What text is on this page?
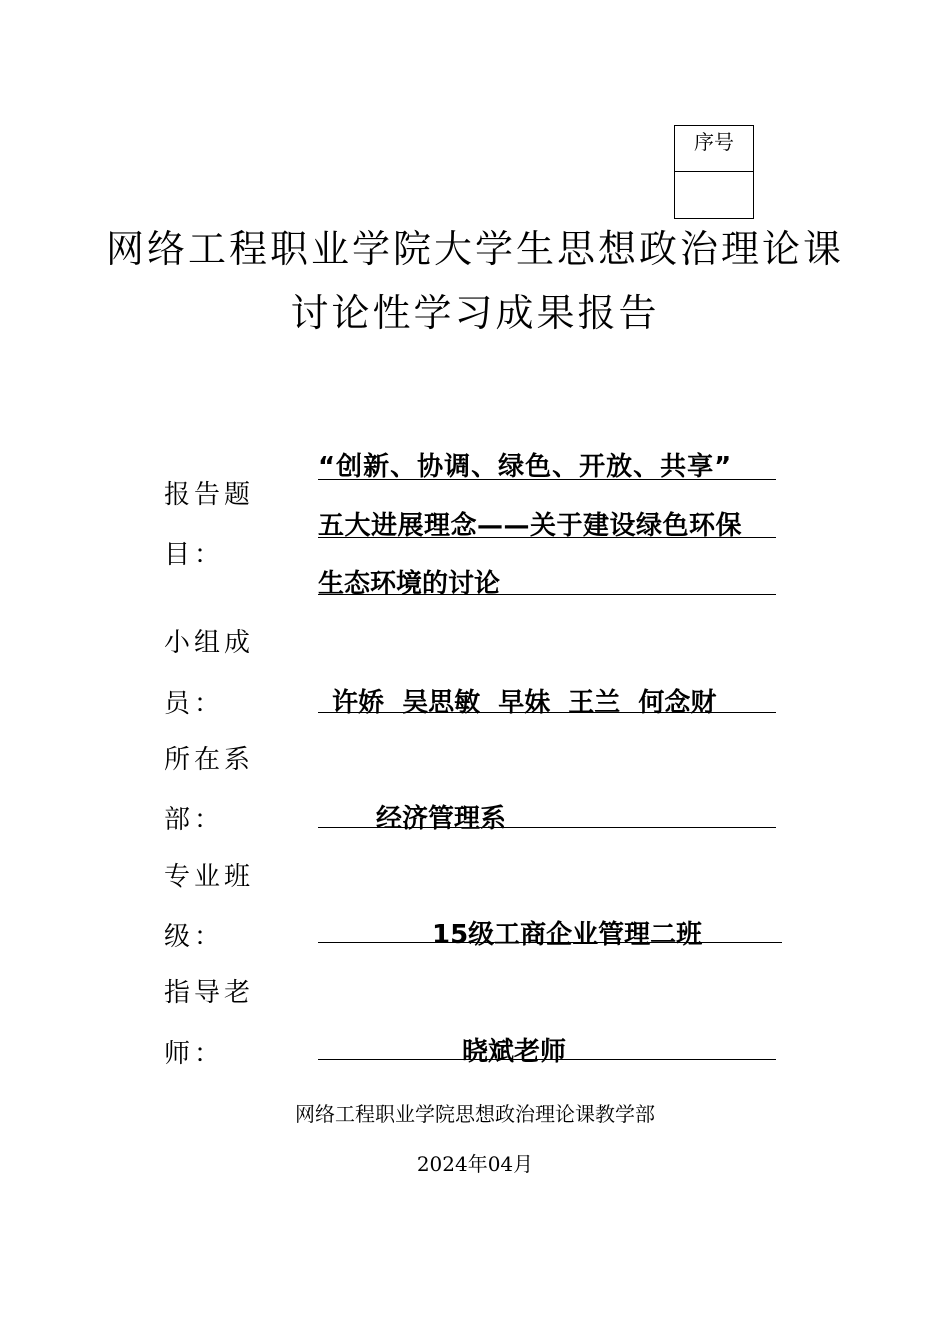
序号
网络工程职业学院大学生思想政治理论课
讨论性学习成果报告
报告题
目：
“创新、协调、绿色、开放、共享”
五大进展理念——关于建设绿色环保
生态环境的讨论
小组成
员：	许娇  吴思敏  早妹  王兰  何念财
所在系
部：	经济管理系
专业班
级：	15级工商企业管理二班
指导老
师：	晓斌老师
网络工程职业学院思想政治理论课教学部
2024年04月
